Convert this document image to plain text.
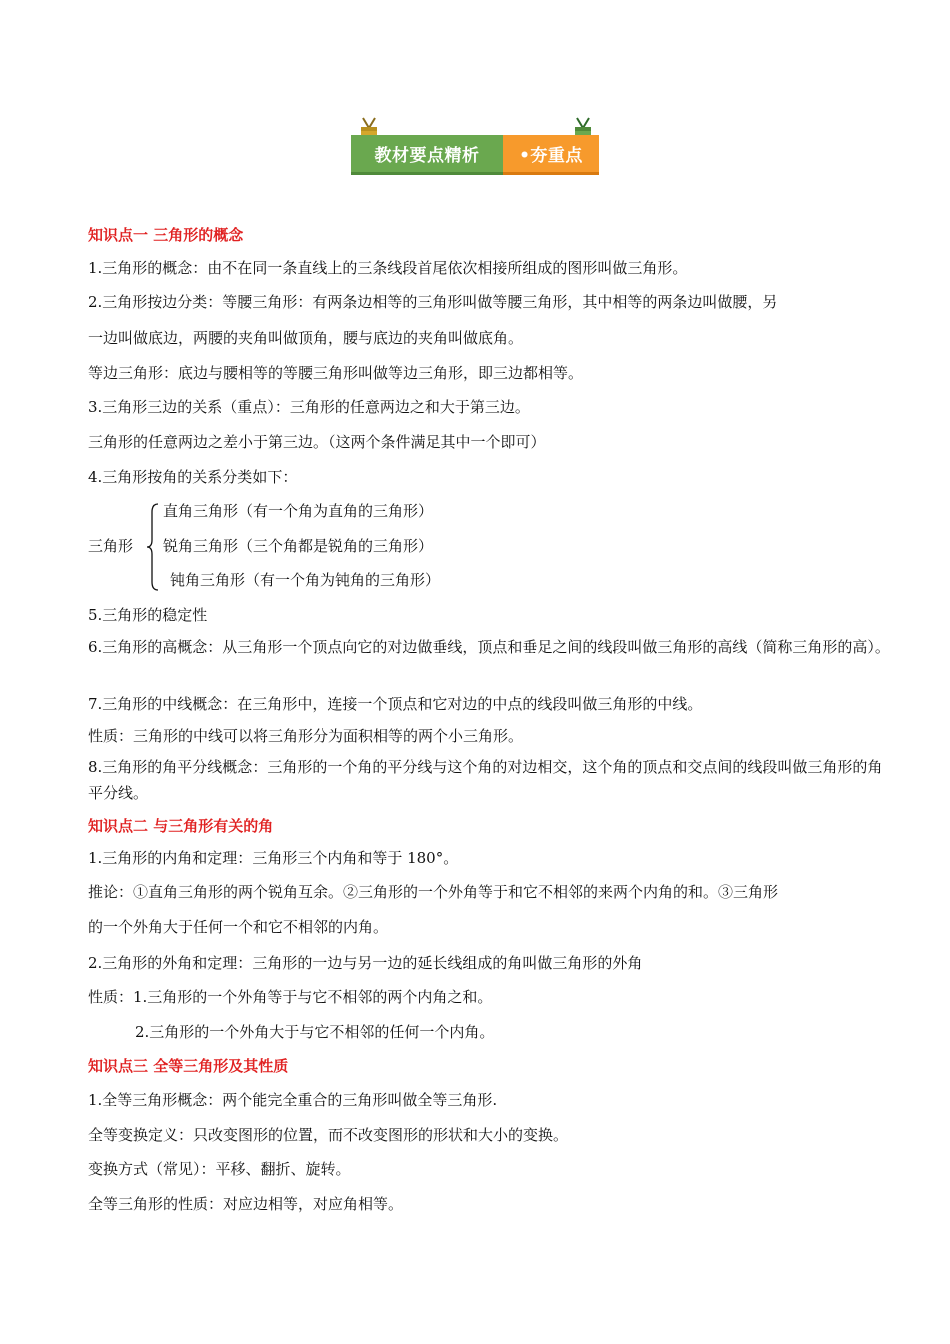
教材要点精析 •夯重点
知识点一 三角形的概念
1.三角形的概念：由不在同一条直线上的三条线段首尾依次相接所组成的图形叫做三角形。
2.三角形按边分类：等腰三角形：有两条边相等的三角形叫做等腰三角形，其中相等的两条边叫做腰，另
一边叫做底边，两腰的夹角叫做顶角，腰与底边的夹角叫做底角。
等边三角形：底边与腰相等的等腰三角形叫做等边三角形，即三边都相等。
3.三角形三边的关系（重点）：三角形的任意两边之和大于第三边。
三角形的任意两边之差小于第三边。（这两个条件满足其中一个即可）
4.三角形按角的关系分类如下：
三角形
直角三角形（有一个角为直角的三角形）
锐角三角形（三个角都是锐角的三角形）
钝角三角形（有一个角为钝角的三角形）
5.三角形的稳定性
6.三角形的高概念：从三角形一个顶点向它的对边做垂线，顶点和垂足之间的线段叫做三角形的高线（简称三角形的高）。
7.三角形的中线概念：在三角形中，连接一个顶点和它对边的中点的线段叫做三角形的中线。
性质：三角形的中线可以将三角形分为面积相等的两个小三角形。
8.三角形的角平分线概念：三角形的一个角的平分线与这个角的对边相交，这个角的顶点和交点间的线段叫做三角形的角平分线。
知识点二 与三角形有关的角
1.三角形的内角和定理：三角形三个内角和等于 180°。
推论：①直角三角形的两个锐角互余。②三角形的一个外角等于和它不相邻的来两个内角的和。③三角形
的一个外角大于任何一个和它不相邻的内角。
2.三角形的外角和定理：三角形的一边与另一边的延长线组成的角叫做三角形的外角
性质：1.三角形的一个外角等于与它不相邻的两个内角之和。
2.三角形的一个外角大于与它不相邻的任何一个内角。
知识点三 全等三角形及其性质
1.全等三角形概念：两个能完全重合的三角形叫做全等三角形.
全等变换定义：只改变图形的位置，而不改变图形的形状和大小的变换。
变换方式（常见）：平移、翻折、旋转。
全等三角形的性质：对应边相等，对应角相等。
